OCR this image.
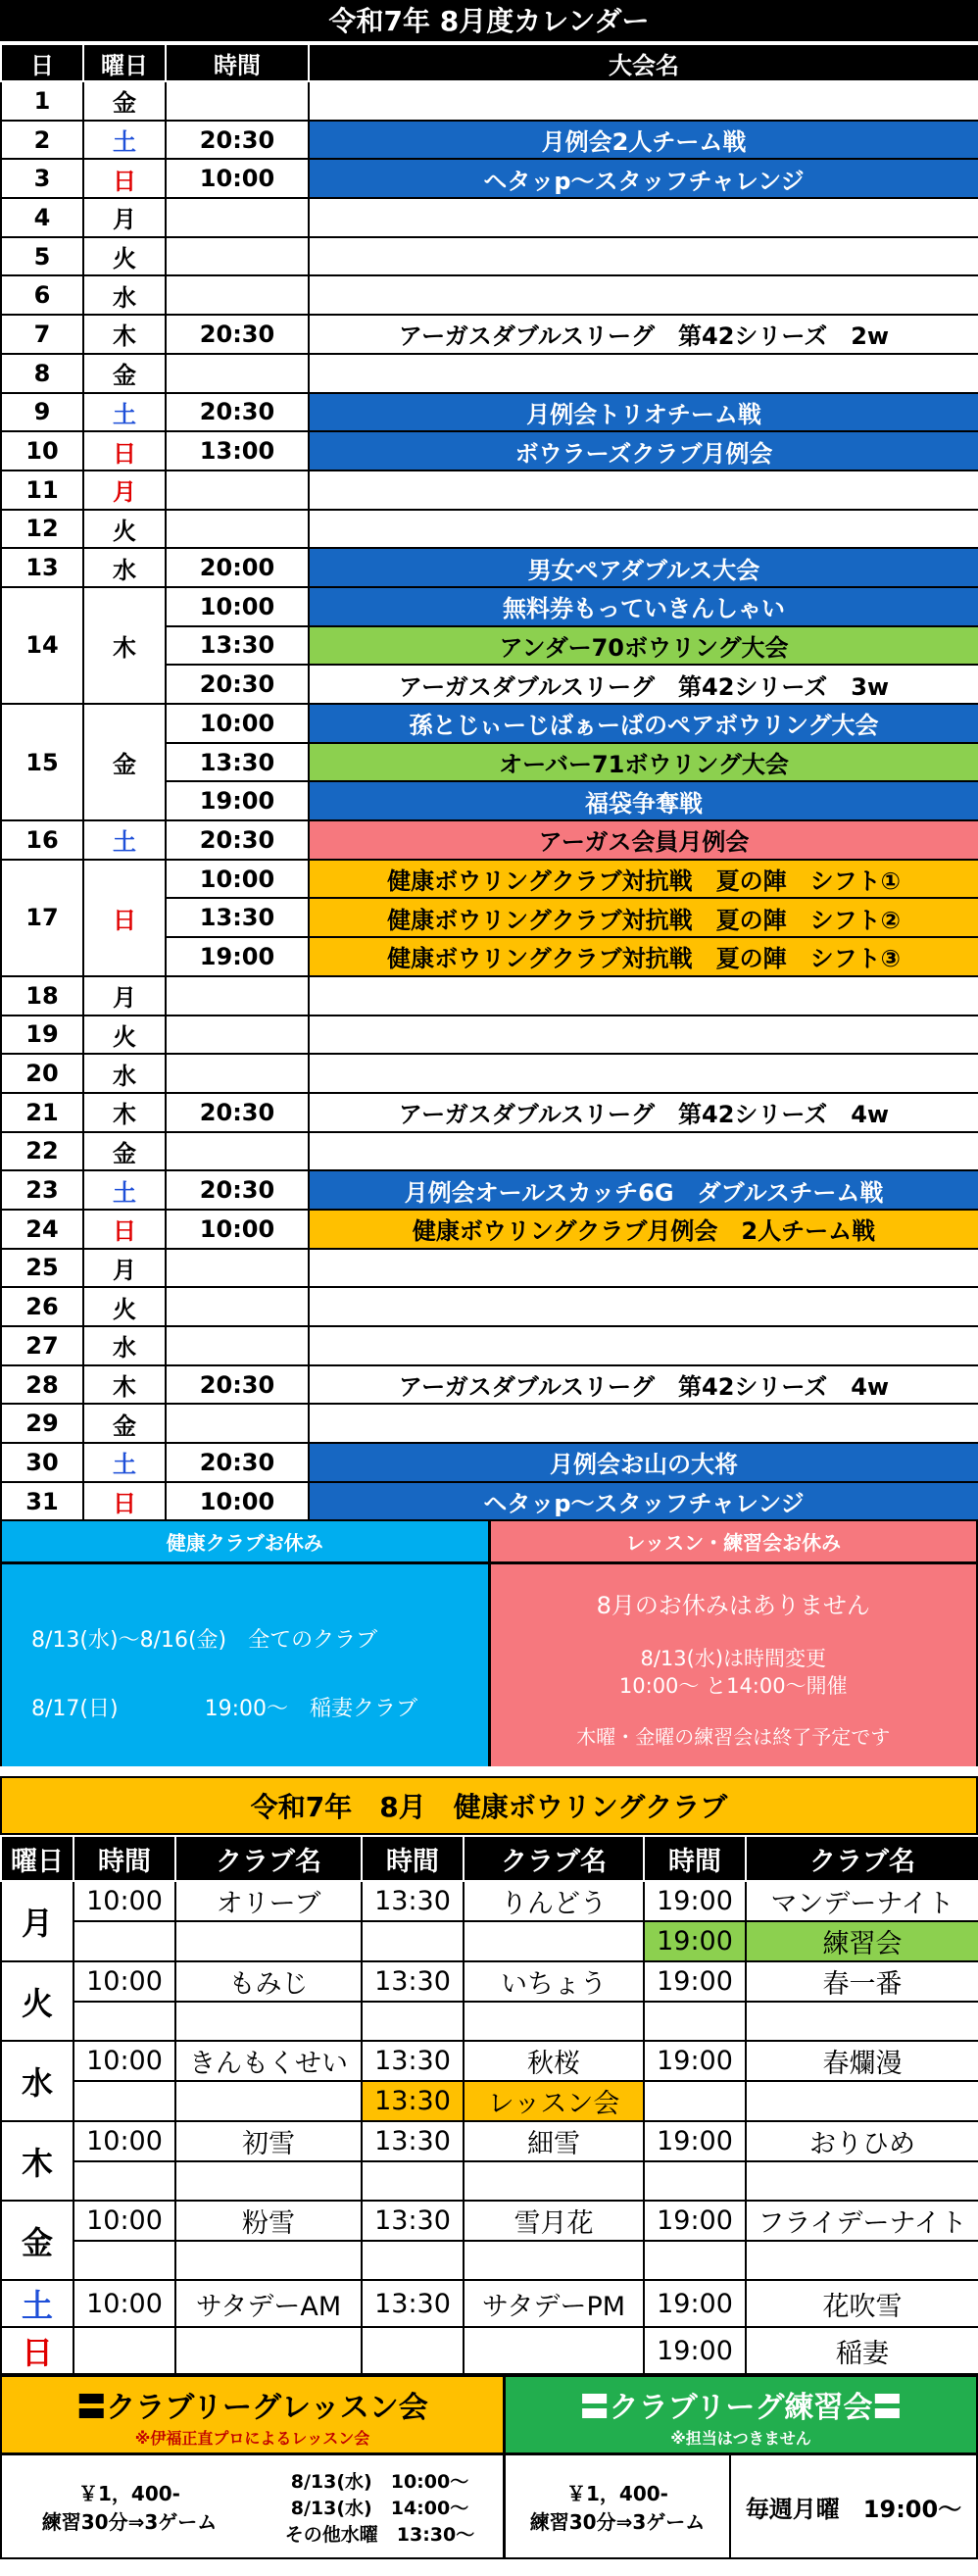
令和7年 8月度カレンダー
日	曜日	時間	大会名
1	金		
2	土	20:30	月例会2人チーム戦
3	日	10:00	ヘタッp～スタッフチャレンジ
4	月		
5	火		
6	水		
7	木	20:30	アーガスダブルスリーグ　第42シリーズ　2w
8	金		
9	土	20:30	月例会トリオチーム戦
10	日	13:00	ボウラーズクラブ月例会
11	月		
12	火		
13	水	20:00	男女ペアダブルス大会
14	木	10:00	無料券もっていきんしゃい
		13:30	アンダー70ボウリング大会
		20:30	アーガスダブルスリーグ　第42シリーズ　3w
15	金	10:00	孫とじぃーじばぁーばのペアボウリング大会
		13:30	オーバー71ボウリング大会
		19:00	福袋争奪戦
16	土	20:30	アーガス会員月例会
17	日	10:00	健康ボウリングクラブ対抗戦　夏の陣　シフト①
		13:30	健康ボウリングクラブ対抗戦　夏の陣　シフト②
		19:00	健康ボウリングクラブ対抗戦　夏の陣　シフト③
18	月		
19	火		
20	水		
21	木	20:30	アーガスダブルスリーグ　第42シリーズ　4w
22	金		
23	土	20:30	月例会オールスカッチ6G　ダブルスチーム戦
24	日	10:00	健康ボウリングクラブ月例会　2人チーム戦
25	月		
26	火		
27	水		
28	木	20:30	アーガスダブルスリーグ　第42シリーズ　4w
29	金		
30	土	20:30	月例会お山の大将
31	日	10:00	ヘタッp～スタッフチャレンジ
健康クラブお休み
8/13(水)～8/16(金)　全てのクラブ
8/17(日)　　　　19:00～　稲妻クラブ
レッスン・練習会お休み
8月のお休みはありません
8/13(水)は時間変更
10:00～ と14:00～開催
木曜・金曜の練習会は終了予定です
令和7年　8月　健康ボウリングクラブ
曜日	時間	クラブ名	時間	クラブ名	時間	クラブ名
月	10:00	オリーブ	13:30	りんどう	19:00	マンデーナイト
					19:00	練習会
火	10:00	もみじ	13:30	いちょう	19:00	春一番

水	10:00	きんもくせい	13:30	秋桜	19:00	春爛漫
			13:30	レッスン会		
木	10:00	初雪	13:30	細雪	19:00	おりひめ

金	10:00	粉雪	13:30	雪月花	19:00	フライデーナイト

土	10:00	サタデーAM	13:30	サタデーPM	19:00	花吹雪
日					19:00	稲妻
〓クラブリーグレッスン会
※伊福正直プロによるレッスン会
￥1，400-
練習30分⇒3ゲーム
8/13(水)　10:00～
8/13(水)　14:00～
その他水曜　13:30～
〓クラブリーグ練習会〓
※担当はつきません
￥1，400-
練習30分⇒3ゲーム	毎週月曜　19:00～
